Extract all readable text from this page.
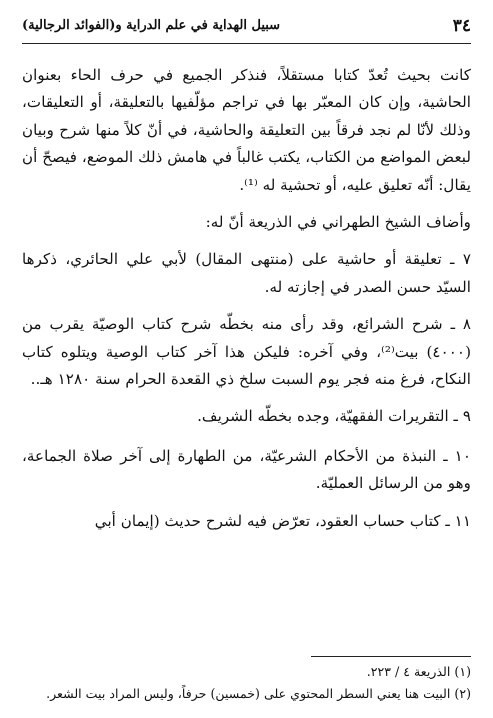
٣٤
سبيل الهداية في علم الدراية و(الفوائد الرجالية)

كانت بحيث تُعدّ كتابا مستقلاً، فنذكر الجميع في حرف الحاء بعنوان الحاشية، وإن كان المعبّر بها في تراجم مؤلّفيها بالتعليقة، أو التعليقات، وذلك لأنّا لم نجد فرقاً بين التعليقة والحاشية، في أنّ كلاً منها شرح وبيان لبعض المواضع من الكتاب، يكتب غالباً في هامش ذلك الموضع، فيصحّ أن يقال: أنّه تعليق عليه، أو تحشية له ⁽¹⁾.

وأضاف الشيخ الطهراني في الذريعة أنّ له:

٧ ـ تعليقة أو حاشية على (منتهى المقال) لأبي علي الحائري، ذكرها السيّد حسن الصدر في إجازته له.

٨ ـ شرح الشرائع، وقد رأى منه بخطّه شرح كتاب الوصيّة يقرب من (٤٠٠٠) بيت⁽²⁾، وفي آخره: فليكن هذا آخر كتاب الوصية ويتلوه كتاب النكاح، فرغ منه فجر يوم السبت سلخ ذي القعدة الحرام سنة ١٢٨٠ هـ..

٩ ـ التقريرات الفقهيّة، وجده بخطّه الشريف.

١٠ ـ النبذة من الأحكام الشرعيّة، من الطهارة إلى آخر صلاة الجماعة، وهو من الرسائل العمليّة.

١١ ـ كتاب حساب العقود، تعرّض فيه لشرح حديث (إيمان أبي

(١) الذريعة ٤ / ٢٢٣.

(٢) البيت هنا يعني السطر المحتوي على (خمسين) حرفاً، وليس المراد بيت الشعر.
